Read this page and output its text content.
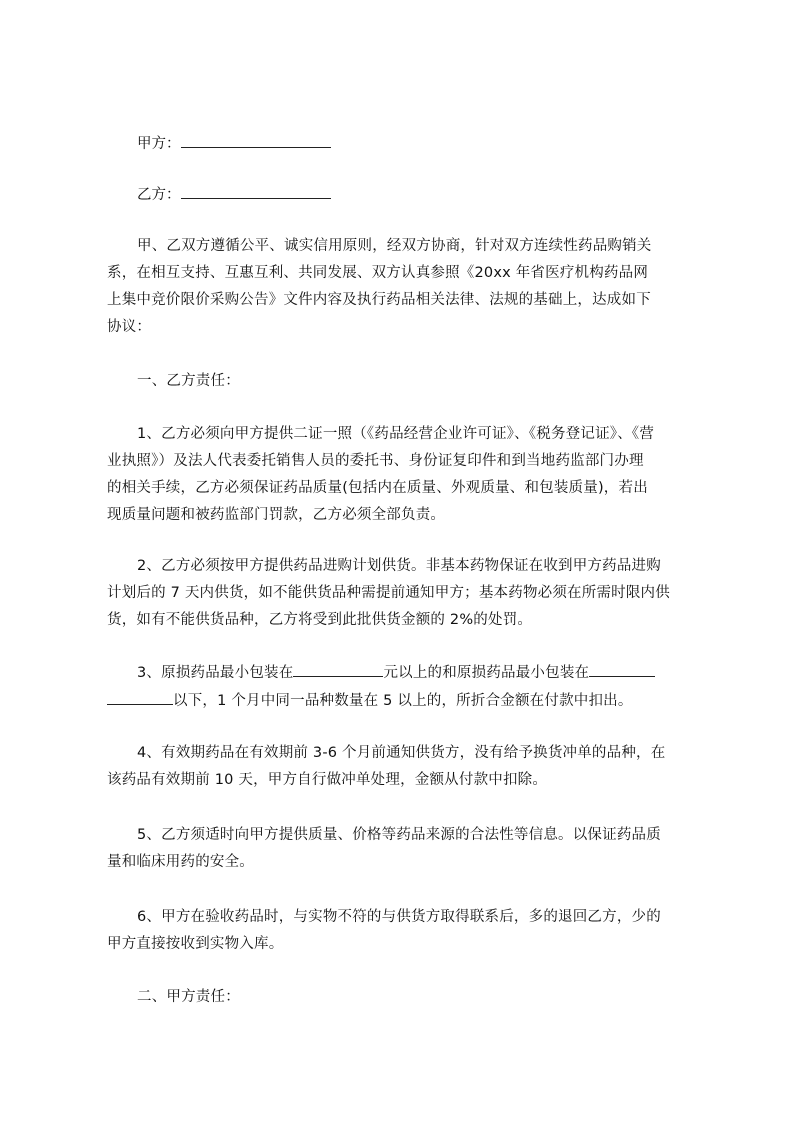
甲方：
乙方：
甲、乙双方遵循公平、诚实信用原则，经双方协商，针对双方连续性药品购销关
系，在相互支持、互惠互利、共同发展、双方认真参照《20xx 年省医疗机构药品网
上集中竞价限价采购公告》文件内容及执行药品相关法律、法规的基础上，达成如下
协议：
一、乙方责任：
1、乙方必须向甲方提供二证一照（《药品经营企业许可证》、《税务登记证》、《营
业执照》）及法人代表委托销售人员的委托书、身份证复印件和到当地药监部门办理
的相关手续，乙方必须保证药品质量(包括内在质量、外观质量、和包装质量)，若出
现质量问题和被药监部门罚款，乙方必须全部负责。
2、乙方必须按甲方提供药品进购计划供货。非基本药物保证在收到甲方药品进购
计划后的 7 天内供货，如不能供货品种需提前通知甲方；基本药物必须在所需时限内供
货，如有不能供货品种，乙方将受到此批供货金额的 2%的处罚。
3、原损药品最小包装在	元以上的和原损药品最小包装在
以下，1 个月中同一品种数量在 5 以上的，所折合金额在付款中扣出。
4、有效期药品在有效期前 3-6 个月前通知供货方，没有给予换货冲单的品种，在
该药品有效期前 10 天，甲方自行做冲单处理，金额从付款中扣除。
5、乙方须适时向甲方提供质量、价格等药品来源的合法性等信息。以保证药品质
量和临床用药的安全。
6、甲方在验收药品时，与实物不符的与供货方取得联系后，多的退回乙方，少的
甲方直接按收到实物入库。
二、甲方责任：
